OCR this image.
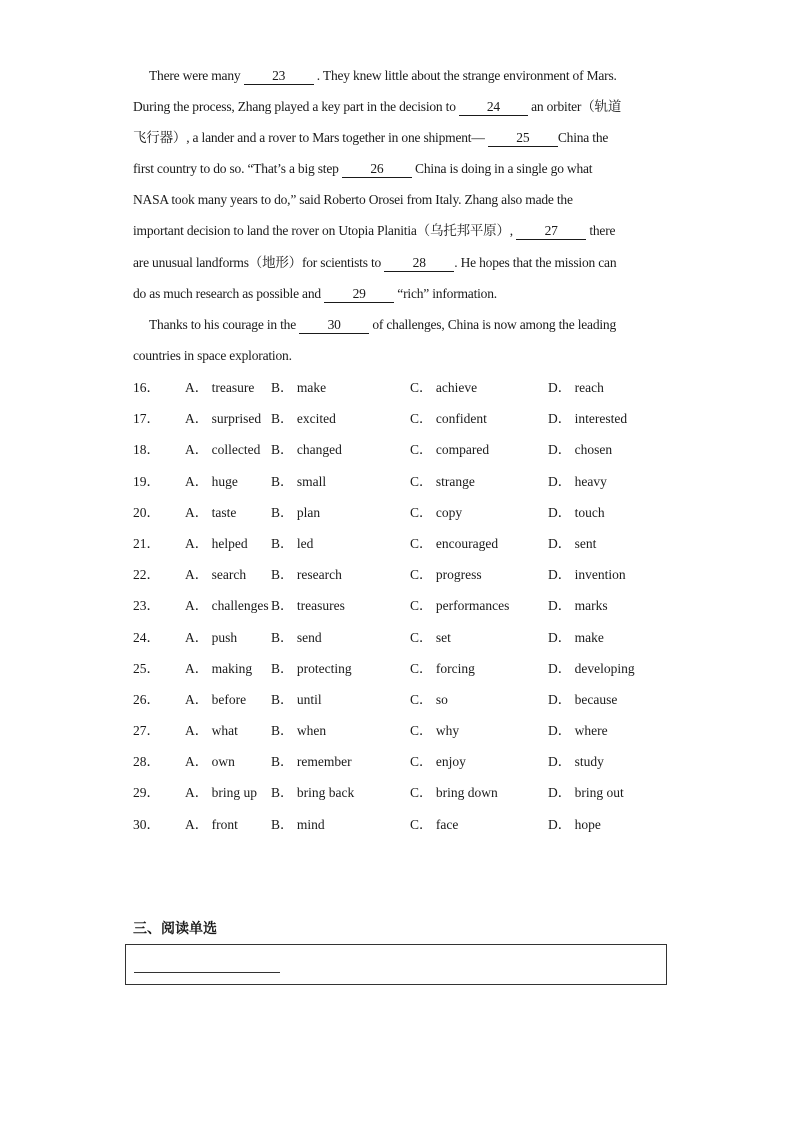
There were many 23 . They knew little about the strange environment of Mars.
During the process, Zhang played a key part in the decision to 24 an orbiter（轨道
飞行器）, a lander and a rover to Mars together in one shipment— 25 China the
first country to do so. “That’s a big step 26 China is doing in a single go what
NASA took many years to do,” said Roberto Orosei from Italy. Zhang also made the
important decision to land the rover on Utopia Planitia（乌托邦平原）, 27 there
are unusual landforms（地形）for scientists to 28 . He hopes that the mission can
do as much research as possible and 29 “rich” information.
Thanks to his courage in the 30 of challenges, China is now among the leading
countries in space exploration.
16． A． treasure B． make	C． achieve	D． reach
17． A． surprised B． excited	C． confident	D． interested
18． A． collected B． changed	C． compared	D． chosen
19． A． huge B． small	C． strange	D． heavy
20． A． taste	B． plan	C． copy	D． touch
21． A． helped B． led	C． encouraged	D． sent
22． A． search B． research	C． progress	D． invention
23． A． challenges B． treasures	C． performances	D． marks
24． A． push	B． send	C． set	D． make
25． A． making B． protecting	C． forcing	D． developing
26． A． before B． until	C． so	D． because
27． A． what B． when	C． why	D． where
28． A． own	B． remember	C． enjoy	D． study
29． A． bring up B． bring back	C． bring down	D． bring out
30． A． front B． mind	C． face	D． hope
三、阅读单选
